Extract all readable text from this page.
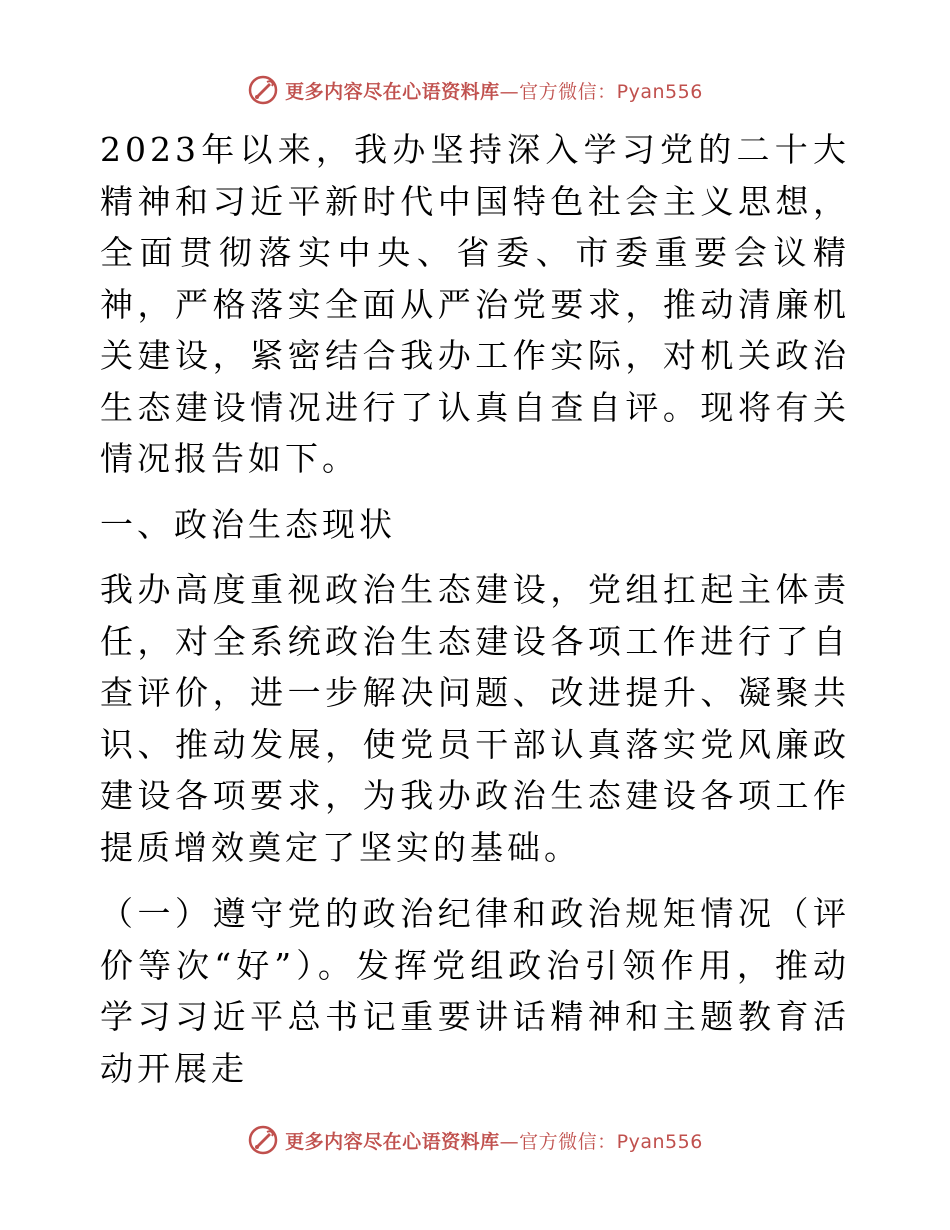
更多内容尽在心语资料库—官方微信：Pyan556

2023年以来，我办坚持深入学习党的二十大精神和习近平新时代中国特色社会主义思想，全面贯彻落实中央、省委、市委重要会议精神，严格落实全面从严治党要求，推动清廉机关建设，紧密结合我办工作实际，对机关政治生态建设情况进行了认真自查自评。现将有关情况报告如下。

一、政治生态现状

我办高度重视政治生态建设，党组扛起主体责任，对全系统政治生态建设各项工作进行了自查评价，进一步解决问题、改进提升、凝聚共识、推动发展，使党员干部认真落实党风廉政建设各项要求，为我办政治生态建设各项工作提质增效奠定了坚实的基础。

（一）遵守党的政治纪律和政治规矩情况（评价等次“好”）。发挥党组政治引领作用，推动学习习近平总书记重要讲话精神和主题教育活动开展走

更多内容尽在心语资料库—官方微信：Pyan556
